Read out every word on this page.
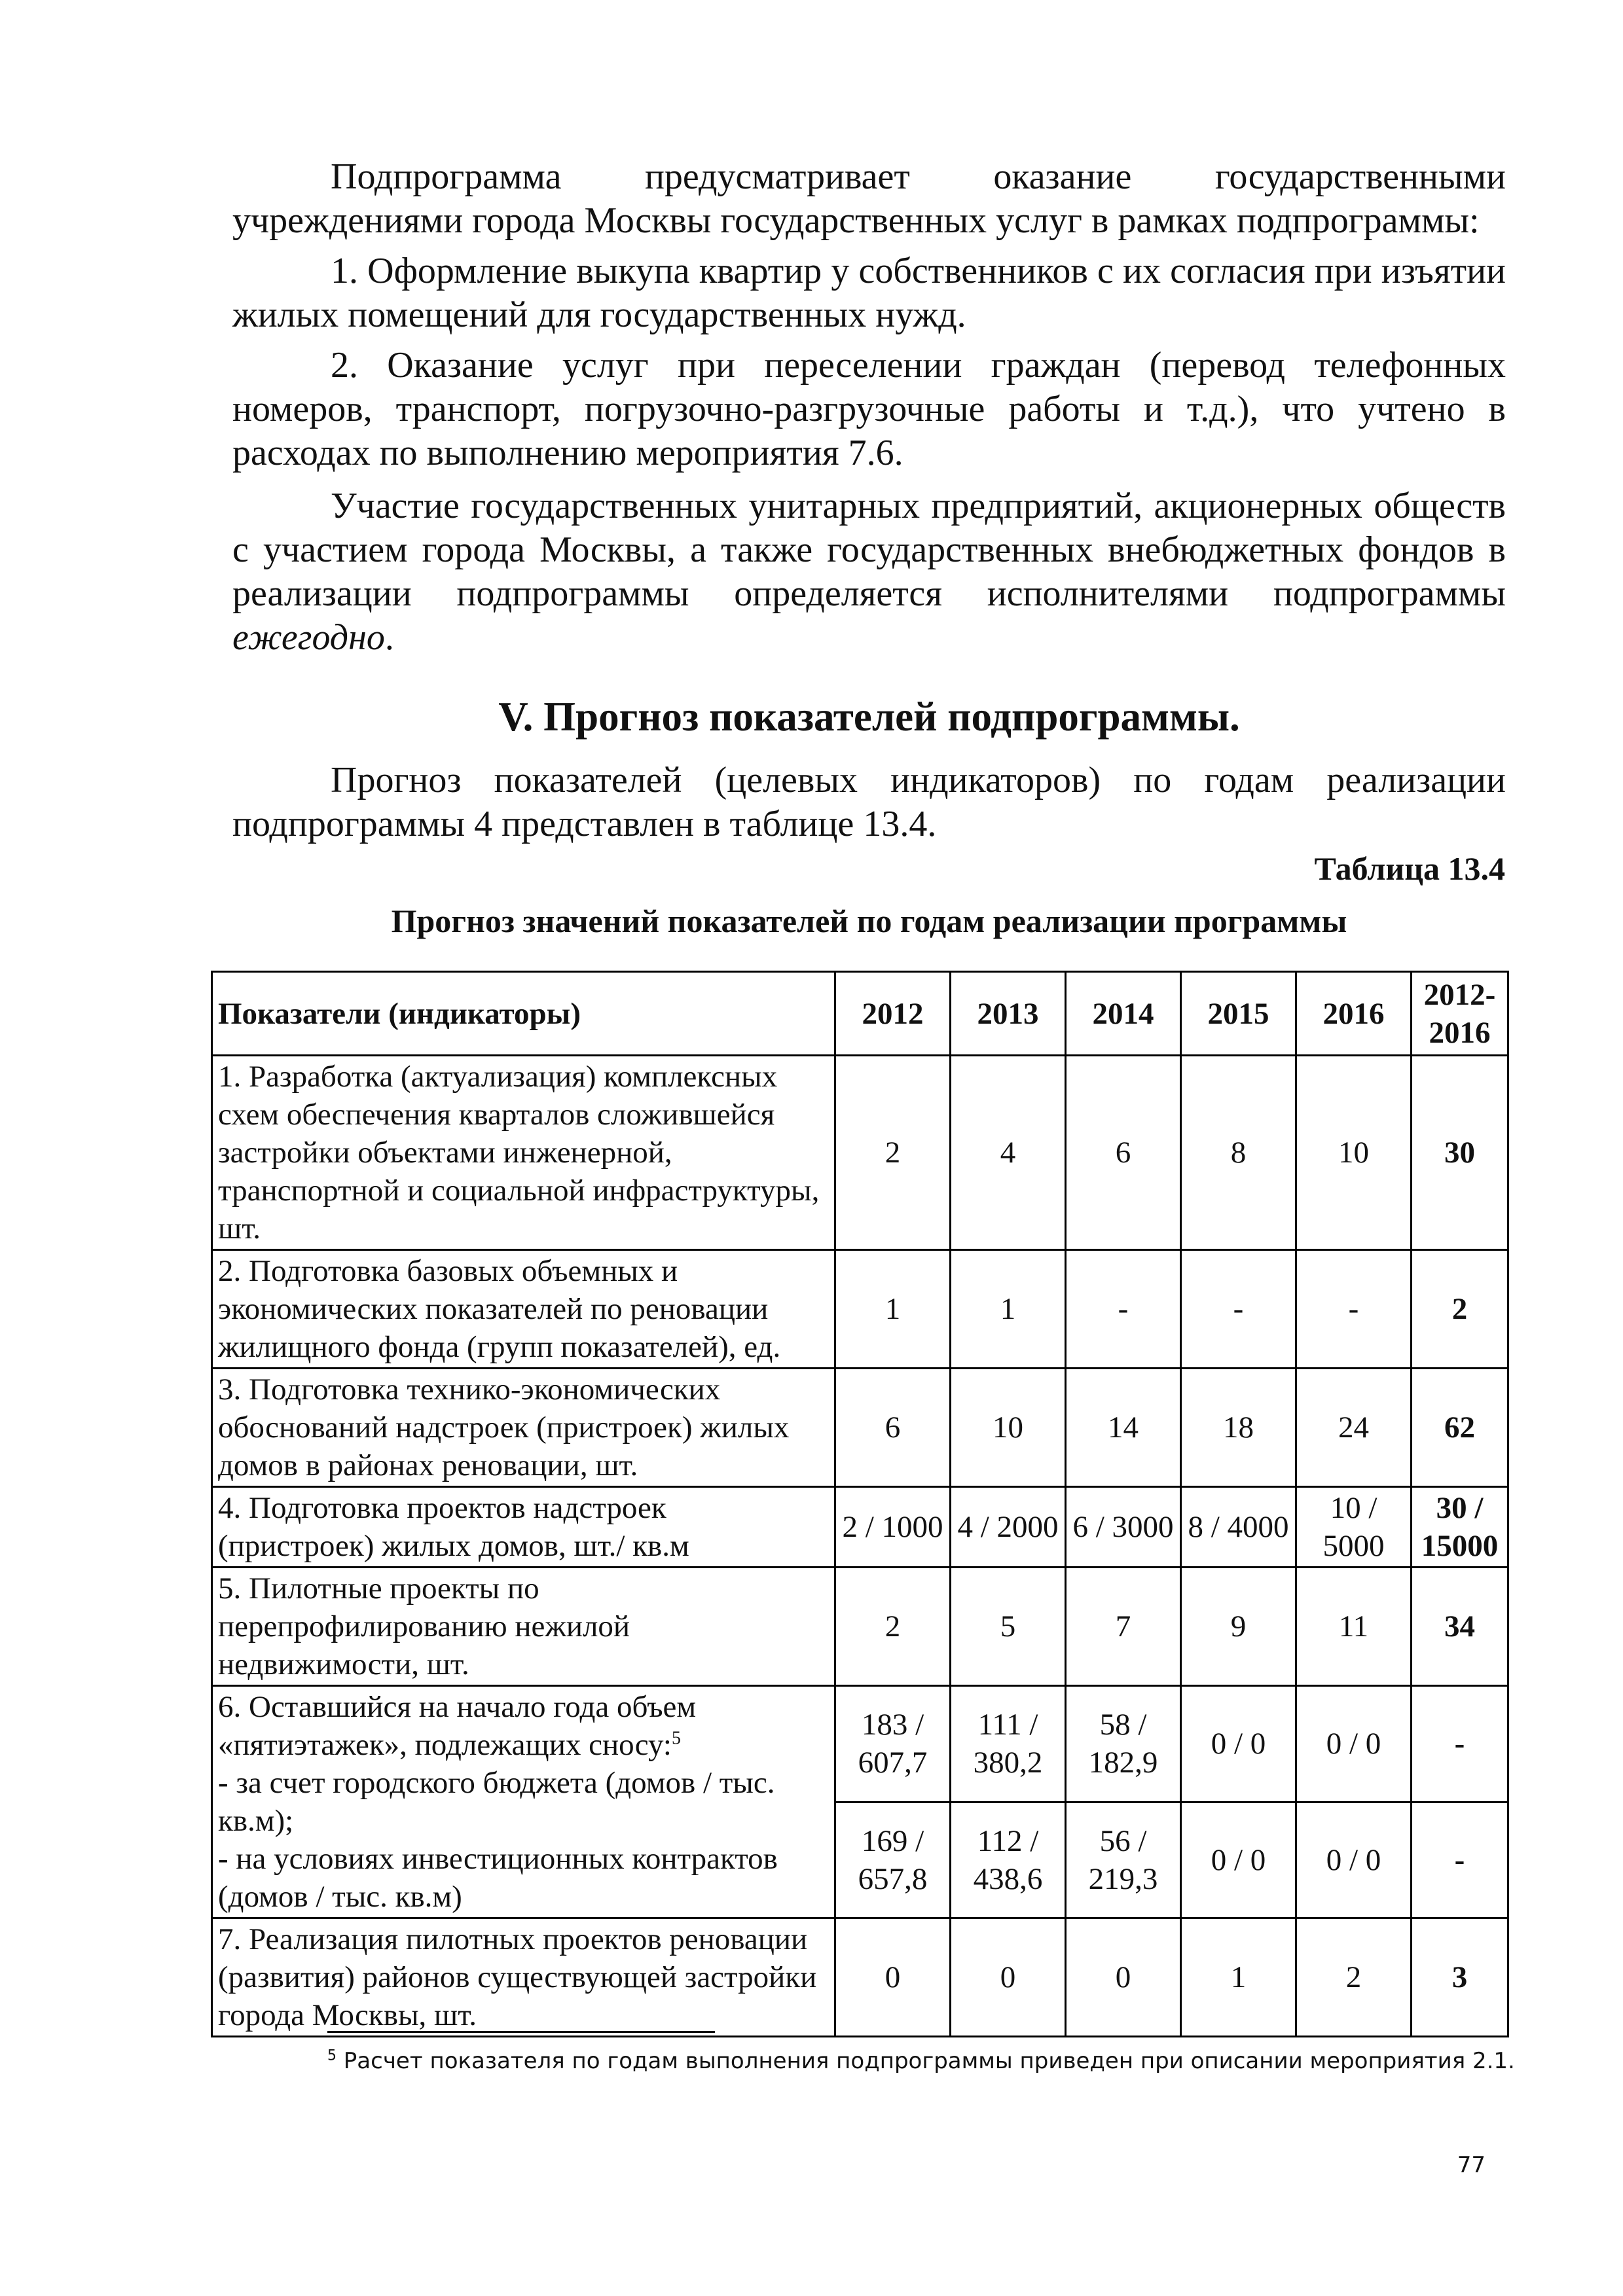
Подпрограмма предусматривает оказание государственными учреждениями города Москвы государственных услуг в рамках подпрограммы:

1. Оформление выкупа квартир у собственников с их согласия при изъятии жилых помещений для государственных нужд.

2. Оказание услуг при переселении граждан (перевод телефонных номеров, транспорт, погрузочно-разгрузочные работы и т.д.), что учтено в расходах по выполнению мероприятия 7.6.

Участие государственных унитарных предприятий, акционерных обществ с участием города Москвы, а также государственных внебюджетных фондов в реализации подпрограммы определяется исполнителями подпрограммы ежегодно.

V. Прогноз показателей подпрограммы.

Прогноз показателей (целевых индикаторов) по годам реализации подпрограммы 4 представлен в таблице 13.4.

Таблица 13.4

Прогноз значений показателей по годам реализации программы

Показатели (индикаторы)	2012	2013	2014	2015	2016	2012-2016
1. Разработка (актуализация) комплексных схем обеспечения кварталов сложившейся застройки объектами инженерной, транспортной и социальной инфраструктуры, шт.	2	4	6	8	10	30
2. Подготовка базовых объемных и экономических показателей по реновации жилищного фонда (групп показателей), ед.	1	1	-	-	-	2
3. Подготовка технико-экономических обоснований надстроек (пристроек) жилых домов в районах реновации, шт.	6	10	14	18	24	62
4. Подготовка проектов надстроек (пристроек) жилых домов, шт./ кв.м	2 / 1000	4 / 2000	6 / 3000	8 / 4000	10 / 5000	30 / 15000
5. Пилотные проекты по перепрофилированию нежилой недвижимости, шт.	2	5	7	9	11	34

6. Оставшийся на начало года объем «пятиэтажек», подлежащих сносу:$^5$
- за счет городского бюджета (домов / тыс. кв.м);
- на условиях инвестиционных контрактов (домов / тыс. кв.м)	183 / 607,7	111 / 380,2	58 / 182,9	0 / 0	0 / 0	-
	169 / 657,8	112 / 438,6	56 / 219,3	0 / 0	0 / 0	-
7. Реализация пилотных проектов реновации (развития) районов существующей застройки города Москвы, шт.	0	0	0	1	2	3

$^5$ Расчет показателя по годам выполнения подпрограммы приведен при описании мероприятия 2.1.

77
